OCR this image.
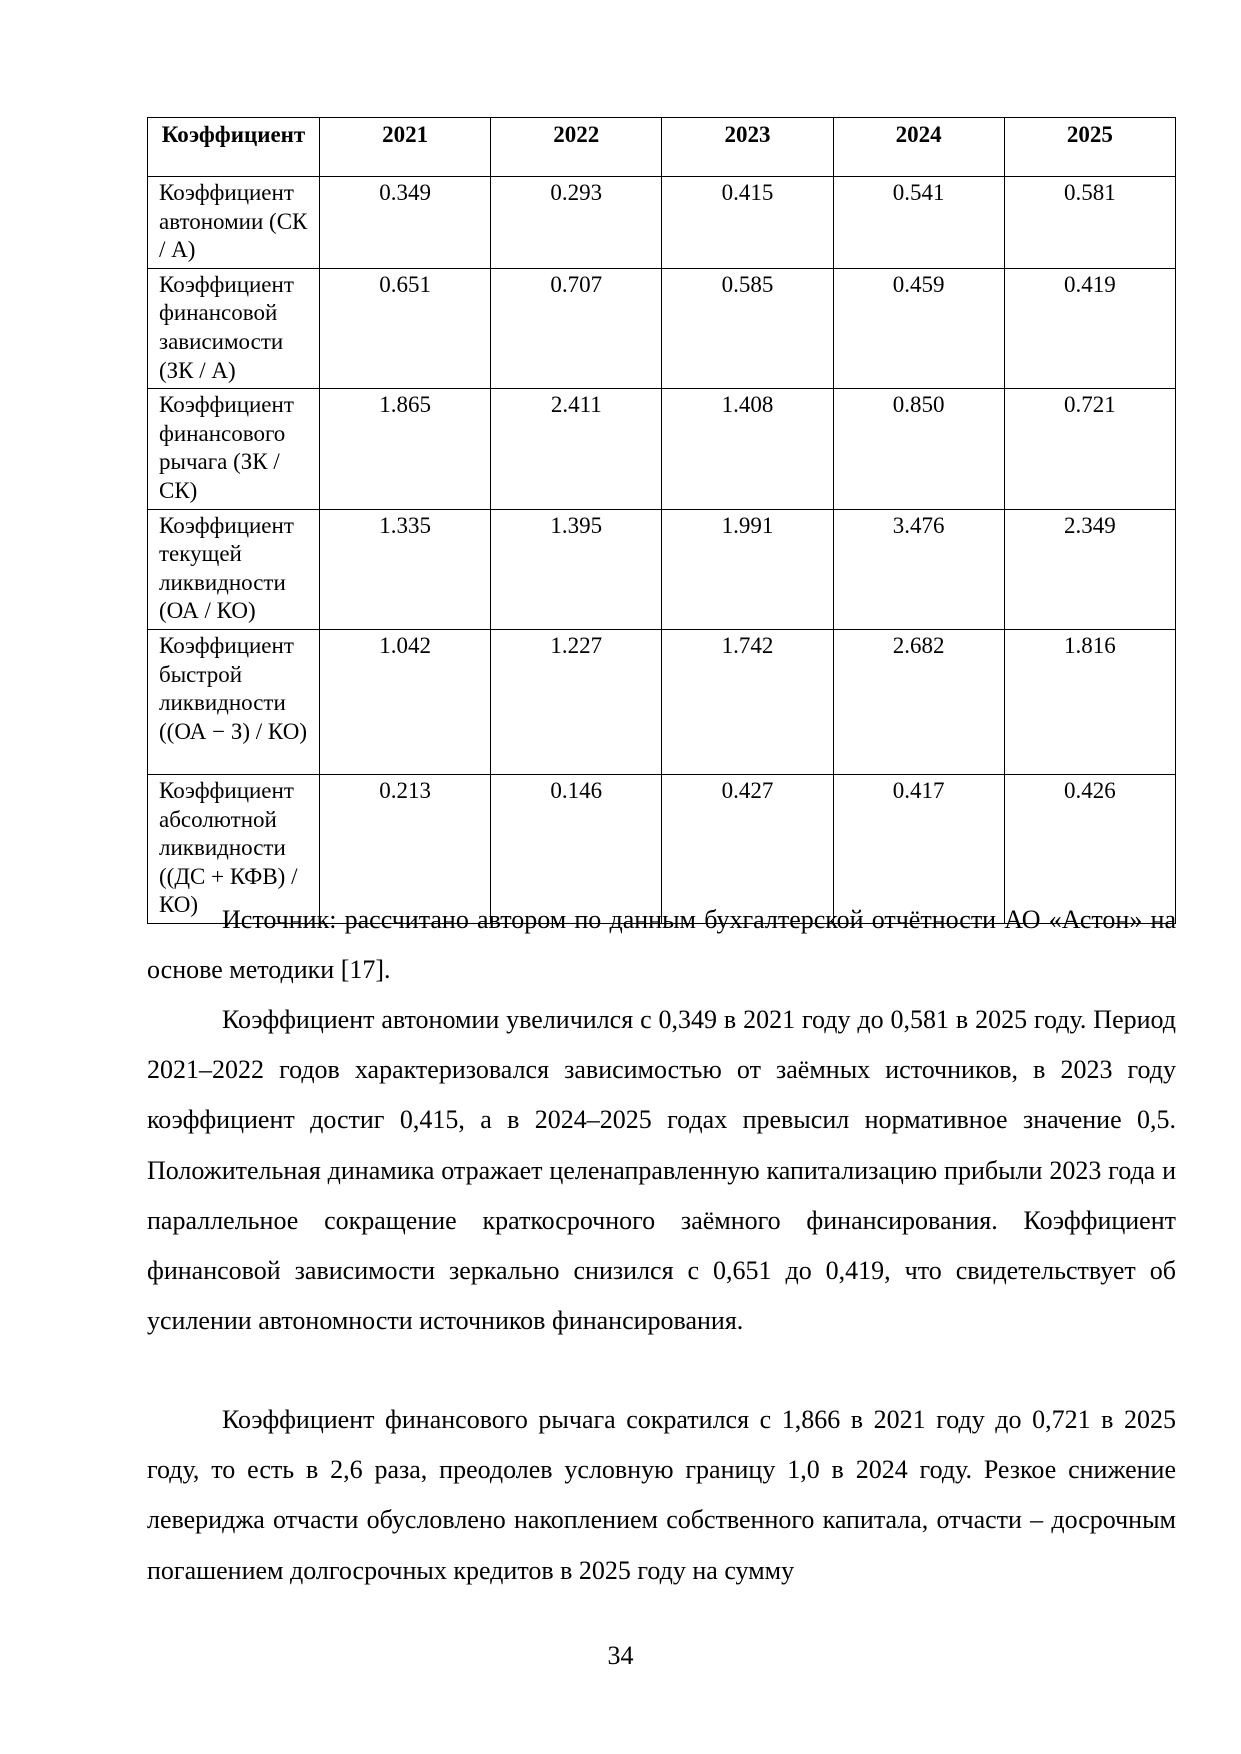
Коэффициент	2021	2022	2023	2024	2025
Коэффициент автономии (СК / А)	0.349	0.293	0.415	0.541	0.581
Коэффициент финансовой зависимости (ЗК / А)	0.651	0.707	0.585	0.459	0.419
Коэффициент финансового рычага (ЗК / СК)	1.865	2.411	1.408	0.850	0.721
Коэффициент текущей ликвидности (ОА / КО)	1.335	1.395	1.991	3.476	2.349
Коэффициент быстрой ликвидности ((ОА − З) / КО)	1.042	1.227	1.742	2.682	1.816
Коэффициент абсолютной ликвидности ((ДС + КФВ) / КО)	0.213	0.146	0.427	0.417	0.426

Источник: рассчитано автором по данным бухгалтерской отчётности АО «Астон» на основе методики [17].

Коэффициент автономии увеличился с 0,349 в 2021 году до 0,581 в 2025 году. Период 2021–2022 годов характеризовался зависимостью от заёмных источников, в 2023 году коэффициент достиг 0,415, а в 2024–2025 годах превысил нормативное значение 0,5. Положительная динамика отражает целенаправленную капитализацию прибыли 2023 года и параллельное сокращение краткосрочного заёмного финансирования. Коэффициент финансовой зависимости зеркально снизился с 0,651 до 0,419, что свидетельствует об усилении автономности источников финансирования.

Коэффициент финансового рычага сократился с 1,866 в 2021 году до 0,721 в 2025 году, то есть в 2,6 раза, преодолев условную границу 1,0 в 2024 году. Резкое снижение левериджа отчасти обусловлено накоплением собственного капитала, отчасти – досрочным погашением долгосрочных кредитов в 2025 году на сумму

34
